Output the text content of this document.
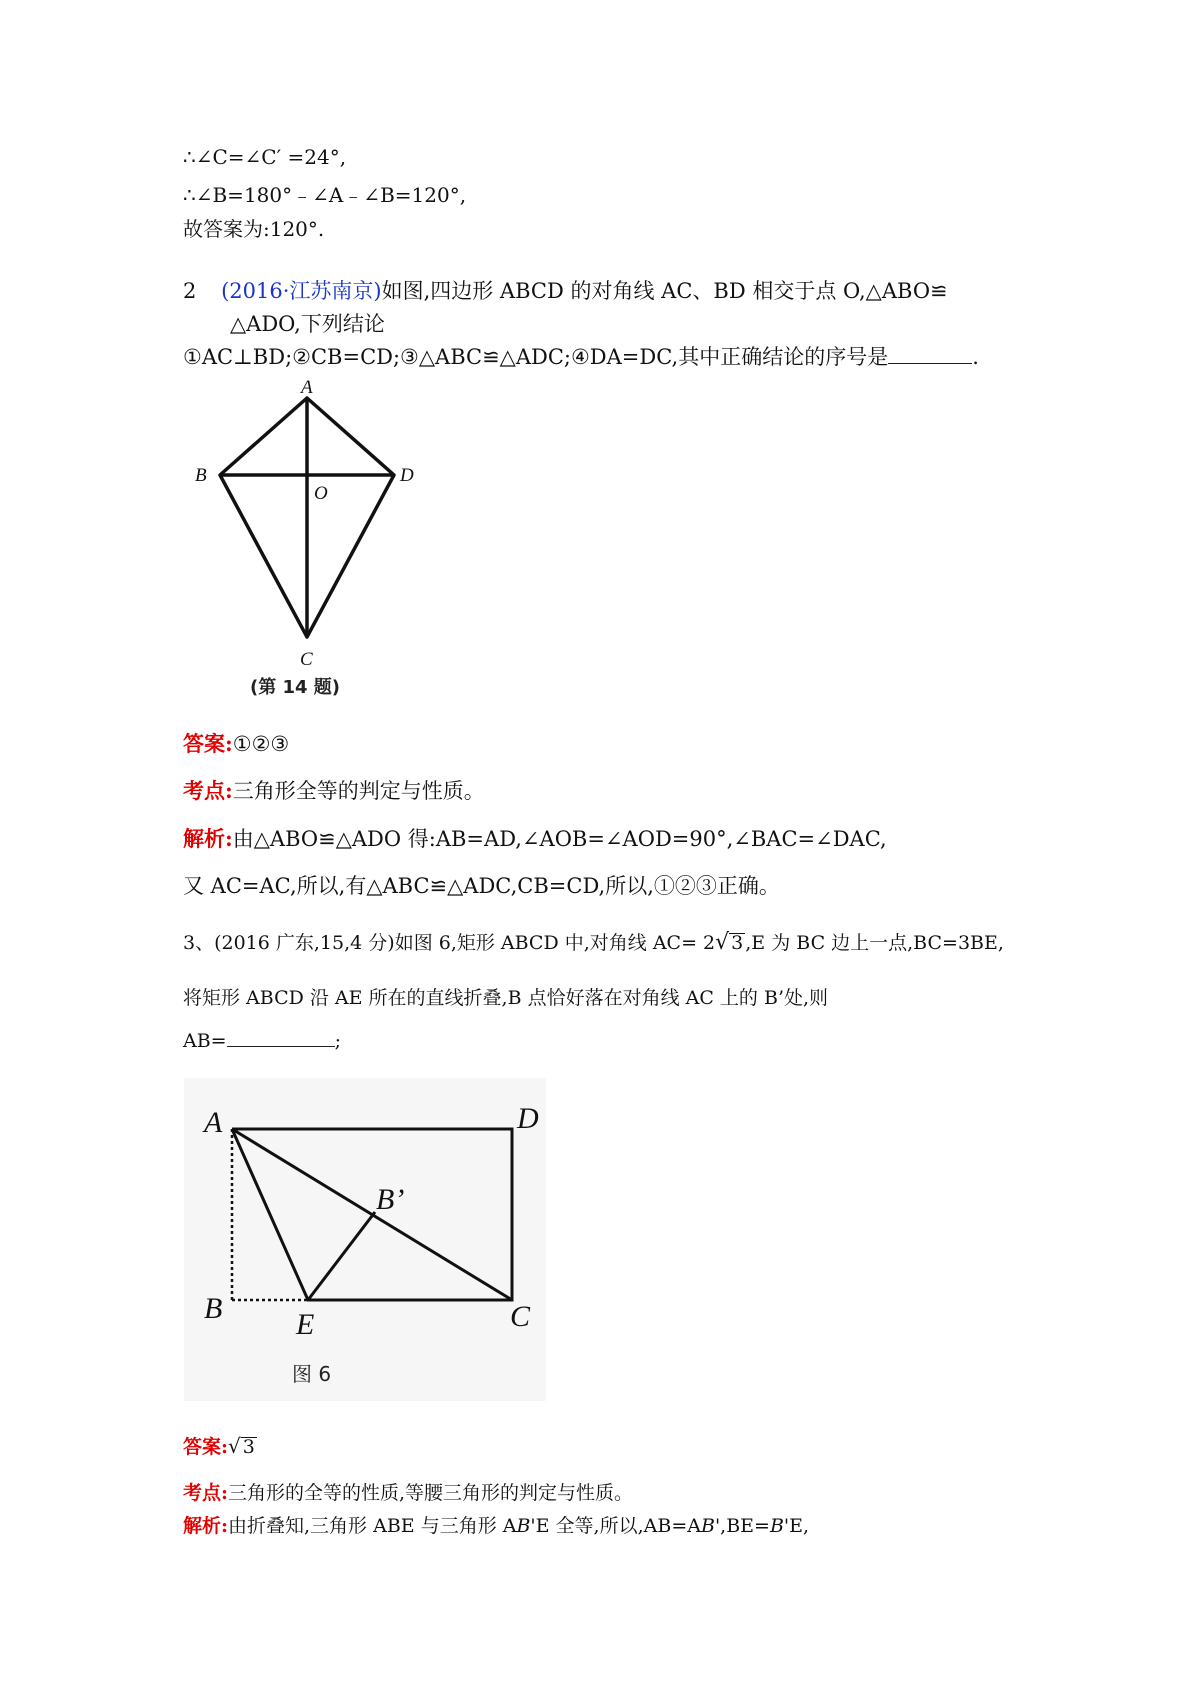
∴∠C=∠C′ =24°,
∴∠B=180°﹣∠A﹣∠B=120°,
故答案为:120°.
2 (2016·江苏南京)如图,四边形 ABCD 的对角线 AC、BD 相交于点 O,△ABO≌
△ADO,下列结论
①AC⊥BD;②CB=CD;③△ABC≌△ADC;④DA=DC,其中正确结论的序号是	.
A
B	D
O
C
(第 14 题)
答案:①②③
考点:三角形全等的判定与性质。
解析:由△ABO≌△ADO 得:AB=AD,∠AOB=∠AOD=90°,∠BAC=∠DAC,
又 AC=AC,所以,有△ABC≌△ADC,CB=CD,所以,①②③正确。
3、(2016 广东,15,4 分)如图 6,矩形 ABCD 中,对角线 AC= 2√ 3 ,E 为 BC 边上一点,BC=3BE,
将矩形 ABCD 沿 AE 所在的直线折叠,B 点恰好落在对角线 AC 上的 B’处,则
AB=	;
A	D
B’
B E	C
图 6
答案:√ 3
考点:三角形的全等的性质,等腰三角形的判定与性质。
解析:由折叠知,三角形 ABE 与三角形 AB'E 全等,所以,AB=AB',BE=B'E,
